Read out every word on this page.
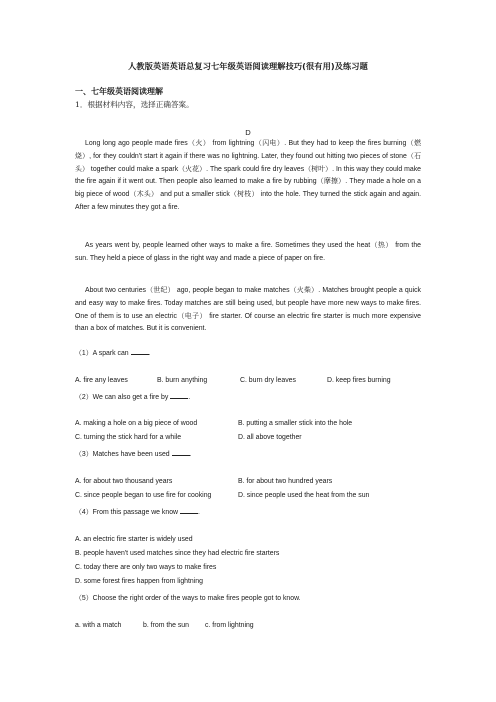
人教版英语英语总复习七年级英语阅读理解技巧(很有用)及练习题
一、七年级英语阅读理解
1．根据材料内容，选择正确答案。
D

Long long ago people made fires（火） from lightning（闪电）. But they had to keep the fires burning（燃烧）, for they couldn't start it again if there was no lightning. Later, they found out hitting two pieces of stone（石头） together could make a spark（火花）. The spark could fire dry leaves（树叶）. In this way they could make the fire again if it went out. Then people also learned to make a fire by rubbing（摩擦）. They made a hole on a big piece of wood（木头） and put a smaller stick（树枝） into the hole. They turned the stick again and again. After a few minutes they got a fire.

As years went by, people learned other ways to make a fire. Sometimes they used the heat（热） from the sun. They held a piece of glass in the right way and made a piece of paper on fire.

About two centuries（世纪） ago, people began to make matches（火柴）. Matches brought people a quick and easy way to make fires. Today matches are still being used, but people have more new ways to make fires. One of them is to use an electric（电子） fire starter. Of course an electric fire starter is much more expensive than a box of matches. But it is convenient.

（1）A spark can	.
A. fire any leaves	B. burn anything	C. burn dry leaves	D. keep fires burning
（2）We can also get a fire by	.
A. making a hole on a big piece of wood	B. putting a smaller stick into the hole
C. turning the stick hard for a while	D. all above together
（3）Matches have been used	.
A. for about two thousand years	B. for about two hundred years
C. since people began to use fire for cooking	D. since people used the heat from the sun
（4）From this passage we know	.
A. an electric fire starter is widely used
B. people haven't used matches since they had electric fire starters
C. today there are only two ways to make fires
D. some forest fires happen from lightning
（5）Choose the right order of the ways to make fires people got to know.
a. with a match	b. from the sun c. from lightning
